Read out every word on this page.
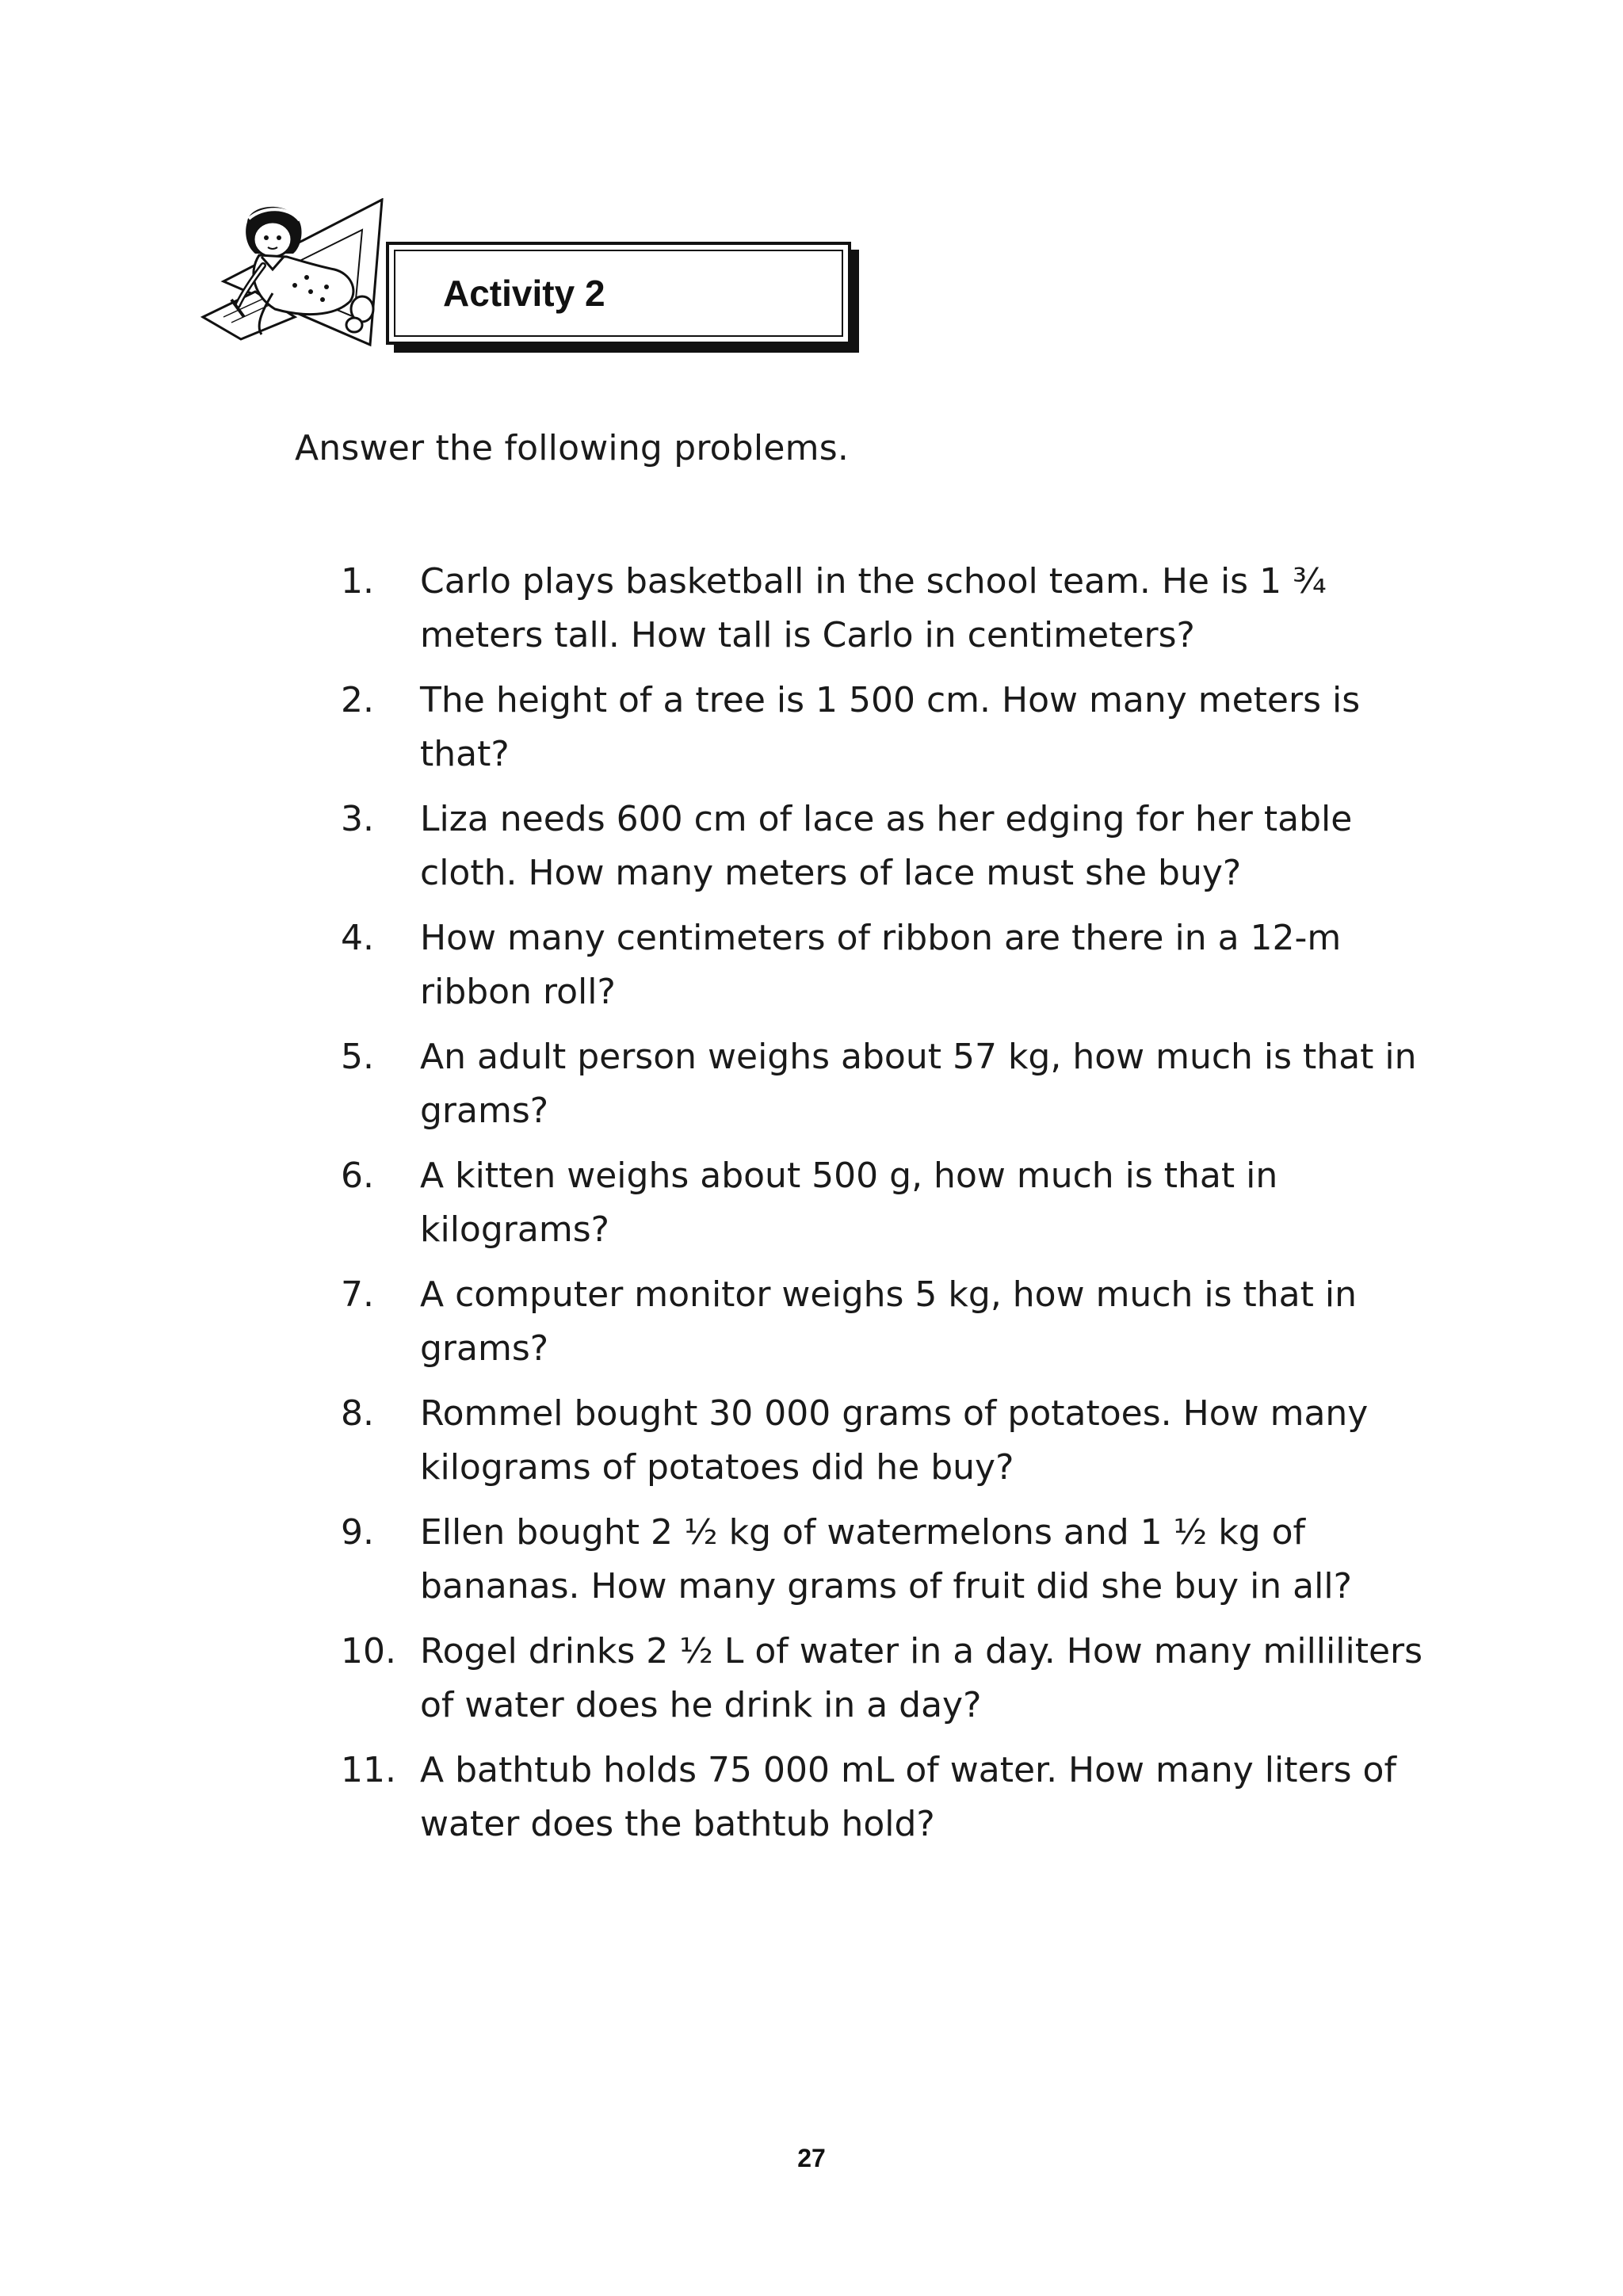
Activity 2
Answer the following problems.
1.	Carlo plays basketball in the school team. He is 1 ¾ meters tall. How tall is Carlo in centimeters?
2.	The height of a tree is 1 500 cm. How many meters is that?
3.	Liza needs 600 cm of lace as her edging for her table cloth. How many meters of lace must she buy?
4.	How many centimeters of ribbon are there in a 12-m ribbon roll?
5.	An adult person weighs about 57 kg, how much is that in grams?
6.	A kitten weighs about 500 g, how much is that in kilograms?
7.	A computer monitor weighs 5 kg, how much is that in grams?
8.	Rommel bought 30 000 grams of potatoes. How many kilograms of potatoes did he buy?
9.	Ellen bought 2 ½ kg of watermelons and 1 ½ kg of bananas. How many grams of fruit did she buy in all?
10. Rogel drinks 2 ½ L of water in a day. How many milliliters of water does he drink in a day?
11. A bathtub holds 75 000 mL of water. How many liters of water does the bathtub hold?
27
